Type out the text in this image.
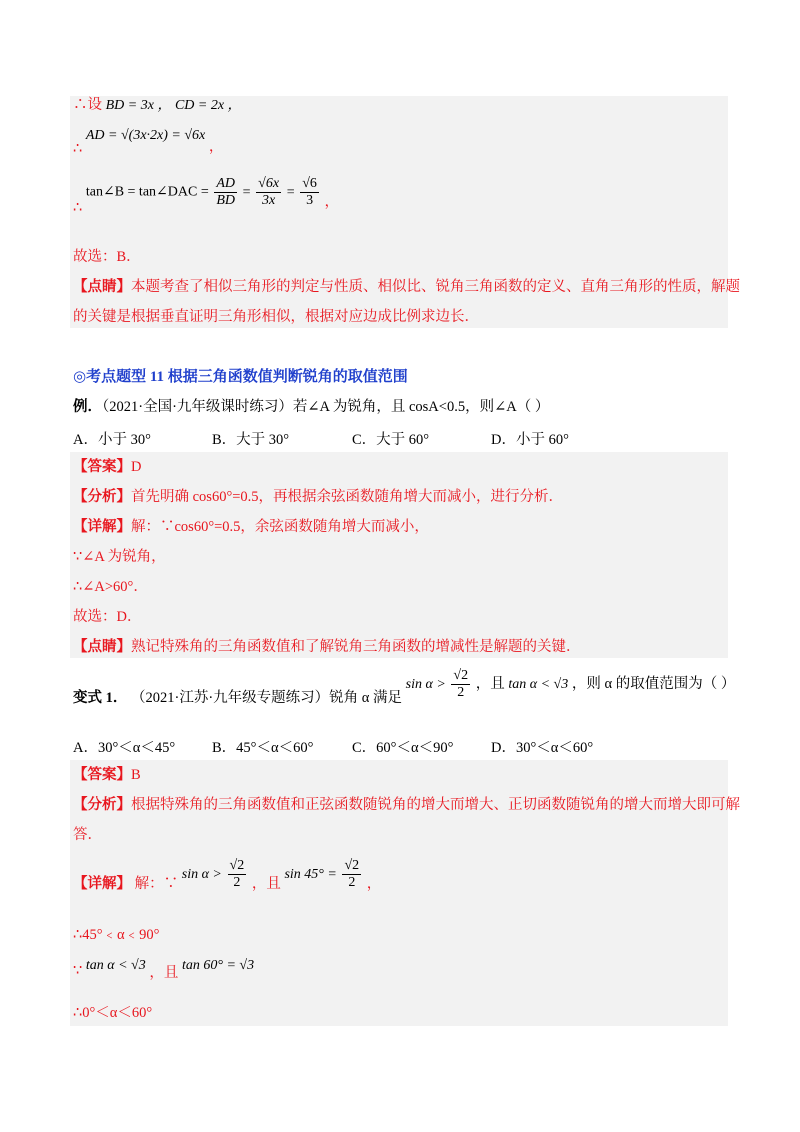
∴设 BD = 3x ， CD = 2x ，
∴ AD = √(3x·2x) = √6x ，
∴ tan∠B = tan∠DAC = $\frac{AD}{BD} = \frac{√6x}{3x} = \frac{√6}{3}$ ，
故选：B．
【点睛】本题考查了相似三角形的判定与性质、相似比、锐角三角函数的定义、直角三角形的性质，解题
的关键是根据垂直证明三角形相似，根据对应边成比例求边长．
◎考点题型 11 根据三角函数值判断锐角的取值范围
例．（2021·全国·九年级课时练习）若∠A 为锐角，且 cosA<0.5，则∠A（ ）
A．小于 30°	B．大于 30°	C．大于 60°	D．小于 60°
【答案】D
【分析】首先明确 cos60°=0.5，再根据余弦函数随角增大而减小，进行分析．
【详解】解：∵cos60°=0.5，余弦函数随角增大而减小，
∵∠A 为锐角，
∴∠A>60°．
故选：D．
【点睛】熟记特殊角的三角函数值和了解锐角三角函数的增减性是解题的关键．
变式 1． （2021·江苏·九年级专题练习）锐角 α 满足 $\sin \alpha > \frac{√2}{2}$ ，且 tan α < √3 ，则 α 的取值范围为（ ）
A．30°＜α＜45°	B．45°＜α＜60°	C．60°＜α＜90°	D．30°＜α＜60°
【答案】B
【分析】根据特殊角的三角函数值和正弦函数随锐角的增大而增大、正切函数随锐角的增大而增大即可解
答．
【详解】 解：∵ $\sin \alpha > \frac{√2}{2}$ ，且 $\sin 45^\circ = \frac{√2}{2}$ ，
∴45°﹤α﹤90°
∵ tan α < √3 ，且 tan 60° = √3
∴0°＜α＜60°
